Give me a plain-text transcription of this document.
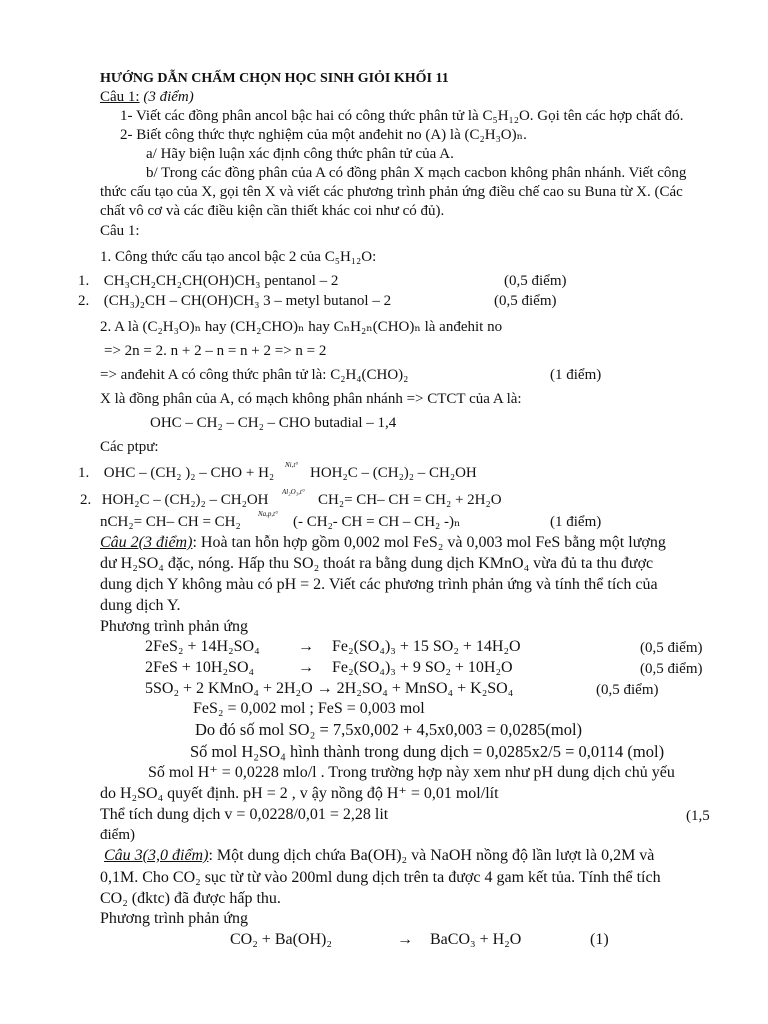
HƯỚNG DẪN CHẤM CHỌN HỌC SINH GIỎI KHỐI 11
Câu 1: (3 điểm)
1- Viết các đồng phân ancol bậc hai có công thức phân tử là C₅H₁₂O. Gọi tên các hợp chất đó.
2- Biết công thức thực nghiệm của một anđehit no (A) là (C₂H₃O)ₙ.
a/ Hãy biện luận xác định công thức phân tử của A.
b/ Trong các đồng phân của A có đồng phân X mạch cacbon không phân nhánh. Viết công
thức cấu tạo của X, gọi tên X và viết các phương trình phản ứng điều chế cao su Buna từ X. (Các
chất vô cơ và các điều kiện cần thiết khác coi như có đủ).
Câu 1:
1. Công thức cấu tạo ancol bậc 2 của C₅H₁₂O:
1. CH₃CH₂CH₂CH(OH)CH₃ pentanol – 2	(0,5 điểm)
2. (CH₃)₂CH – CH(OH)CH₃ 3 – metyl butanol – 2	(0,5 điểm)
2. A là (C₂H₃O)ₙ hay (CH₂CHO)ₙ hay CₙH₂ₙ(CHO)ₙ là anđehit no
=> 2n = 2. n + 2 – n = n + 2 => n = 2
=> anđehit A có công thức phân tử là: C₂H₄(CHO)₂	(1 điểm)
X là đồng phân của A, có mạch không phân nhánh => CTCT của A là:
OHC – CH₂ – CH₂ – CHO butadial – 1,4
Các ptpư:
1. OHC – (CH₂ )₂ – CHO + H₂ Ni,t° HOH₂C – (CH₂)₂ – CH₂OH
2. HOH₂C – (CH₂)₂ – CH₂OH Al₂O₃,t° CH₂= CH– CH = CH₂ + 2H₂O
nCH₂= CH– CH = CH₂ Na,p,t° (- CH₂- CH = CH – CH₂ -)ₙ	(1 điểm)
Câu 2(3 điểm): Hoà tan hỗn hợp gồm 0,002 mol FeS₂ và 0,003 mol FeS bằng một lượng
dư H₂SO₄ đặc, nóng. Hấp thu SO₂ thoát ra bằng dung dịch KMnO₄ vừa đủ ta thu được
dung dịch Y không màu có pH = 2. Viết các phương trình phản ứng và tính thể tích của
dung dịch Y.
Phương trình phản ứng
2FeS₂ + 14H₂SO₄ → Fe₂(SO₄)₃ + 15 SO₂ + 14H₂O	(0,5 điểm)
2FeS + 10H₂SO₄	→ Fe₂(SO₄)₃ + 9 SO₂ + 10H₂O	(0,5 điểm)
5SO₂ + 2 KMnO₄ + 2H₂O → 2H₂SO₄ + MnSO₄ + K₂SO₄	(0,5 điểm)
FeS₂ = 0,002 mol ; FeS = 0,003 mol
Do đó số mol SO₂ = 7,5x0,002 + 4,5x0,003 = 0,0285(mol)
Số mol H₂SO₄ hình thành trong dung dịch = 0,0285x2/5 = 0,0114 (mol)
Số mol H⁺ = 0,0228 mlo/l . Trong trường hợp này xem như pH dung dịch chủ yếu
do H₂SO₄ quyết định. pH = 2 , v ậy nồng độ H⁺ = 0,01 mol/lít
Thể tích dung dịch v = 0,0228/0,01 = 2,28 lit	(1,5
điểm)
Câu 3(3,0 điểm): Một dung dịch chứa Ba(OH)₂ và NaOH nồng độ lần lượt là 0,2M và
0,1M. Cho CO₂ sục từ từ vào 200ml dung dịch trên ta được 4 gam kết tủa. Tính thể tích
CO₂ (đktc) đã được hấp thu.
Phương trình phản ứng
CO₂ + Ba(OH)₂	→ BaCO₃ + H₂O	(1)
